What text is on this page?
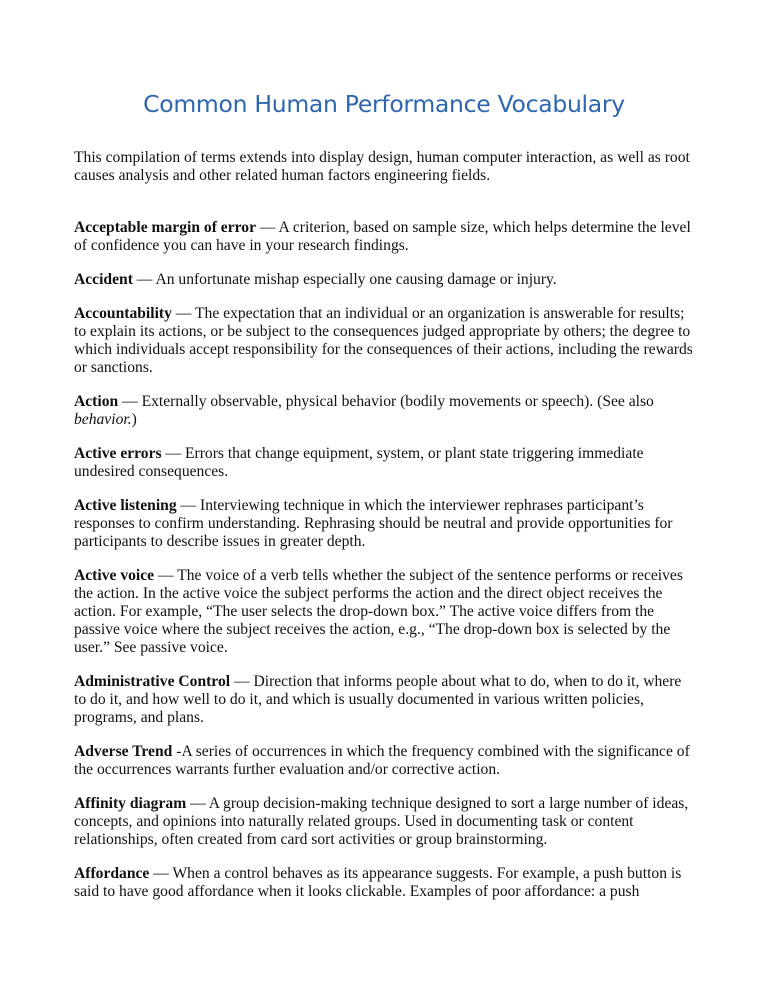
Common Human Performance Vocabulary

This compilation of terms extends into display design, human computer interaction, as well as root causes analysis and other related human factors engineering fields.

Acceptable margin of error — A criterion, based on sample size, which helps determine the level of confidence you can have in your research findings.

Accident — An unfortunate mishap especially one causing damage or injury.

Accountability — The expectation that an individual or an organization is answerable for results; to explain its actions, or be subject to the consequences judged appropriate by others; the degree to which individuals accept responsibility for the consequences of their actions, including the rewards or sanctions.

Action — Externally observable, physical behavior (bodily movements or speech). (See also behavior.)

Active errors — Errors that change equipment, system, or plant state triggering immediate undesired consequences.

Active listening — Interviewing technique in which the interviewer rephrases participant’s responses to confirm understanding. Rephrasing should be neutral and provide opportunities for participants to describe issues in greater depth.

Active voice — The voice of a verb tells whether the subject of the sentence performs or receives the action. In the active voice the subject performs the action and the direct object receives the action. For example, “The user selects the drop-down box.” The active voice differs from the passive voice where the subject receives the action, e.g., “The drop-down box is selected by the user.” See passive voice.

Administrative Control — Direction that informs people about what to do, when to do it, where to do it, and how well to do it, and which is usually documented in various written policies, programs, and plans.

Adverse Trend -A series of occurrences in which the frequency combined with the significance of the occurrences warrants further evaluation and/or corrective action.

Affinity diagram — A group decision-making technique designed to sort a large number of ideas, concepts, and opinions into naturally related groups. Used in documenting task or content relationships, often created from card sort activities or group brainstorming.

Affordance — When a control behaves as its appearance suggests. For example, a push button is said to have good affordance when it looks clickable. Examples of poor affordance: a push
